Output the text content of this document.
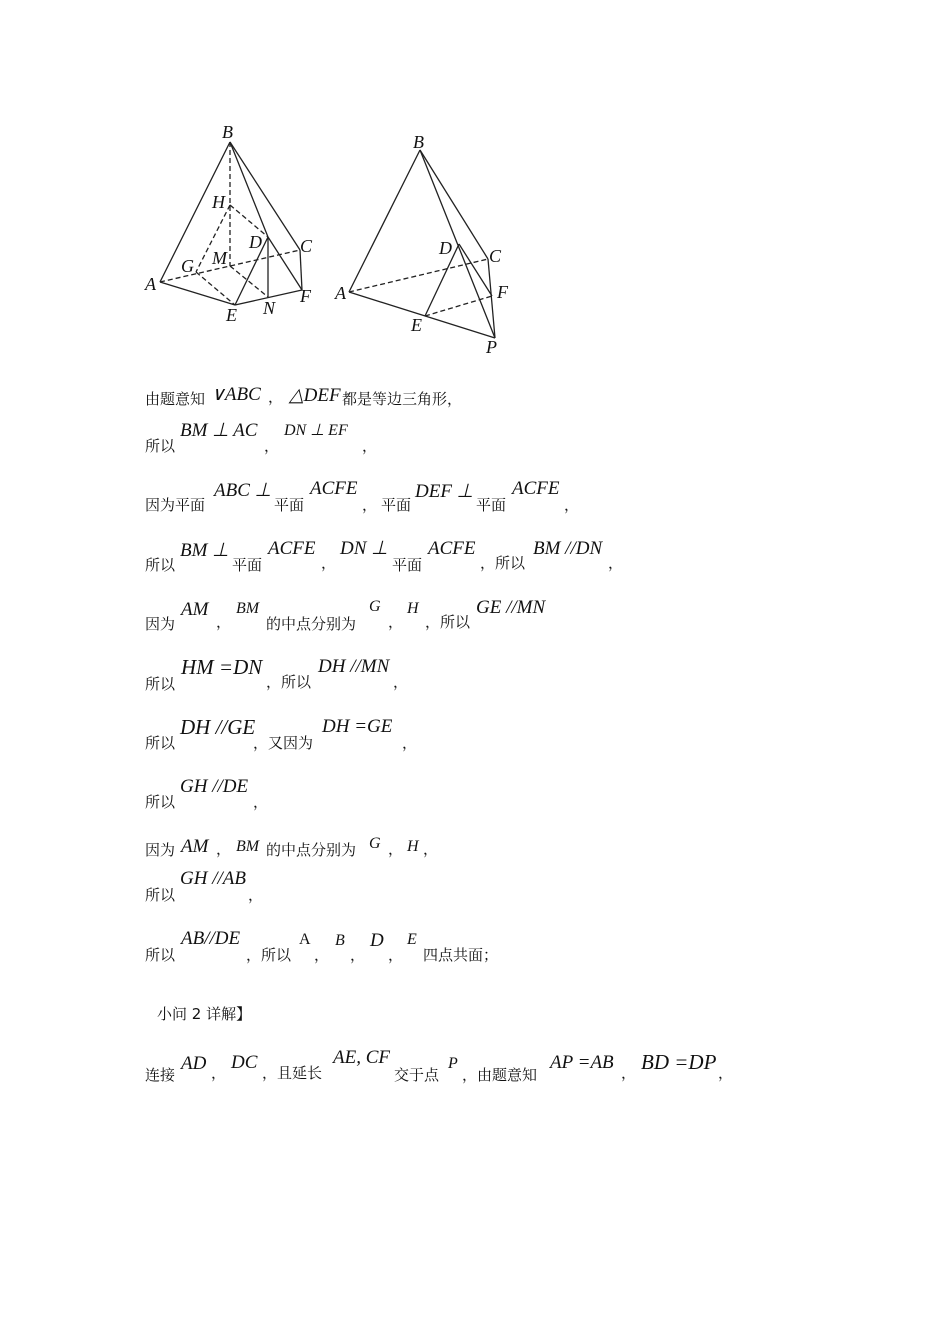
B
H
D C
G M
A
E N
F
B
D C
A	F
E
P
由题意知 ∨ABC ， △DEF 都是等边三角形，
所以
BM ⊥ AC
，
DN ⊥ EF
，
因为平面
ABC ⊥
平面
ACFE
， 平面
DEF ⊥
平面
ACFE
，
所以
BM ⊥
平面
ACFE
，
DN ⊥
平面
ACFE
，所以
BM //DN
，
因为
AM
，
BM
的中点分别为
G
，
H
，所以
GE //MN
所以
HM =DN
，所以
DH //MN
，
所以
DH //GE
，又因为
DH =GE
，
所以
GH //DE
，
因为 AM ， BM 的中点分别为 G ， H ，
所以
GH //AB
，
所以
AB//DE
，所以
A
，
B
，
D
，
E
四点共面；
小问 2 详解】
连接
AD ， DC ，且延长
AE, CF
交于点
P
，由题意知
AP =AB ， BD =DP ，
